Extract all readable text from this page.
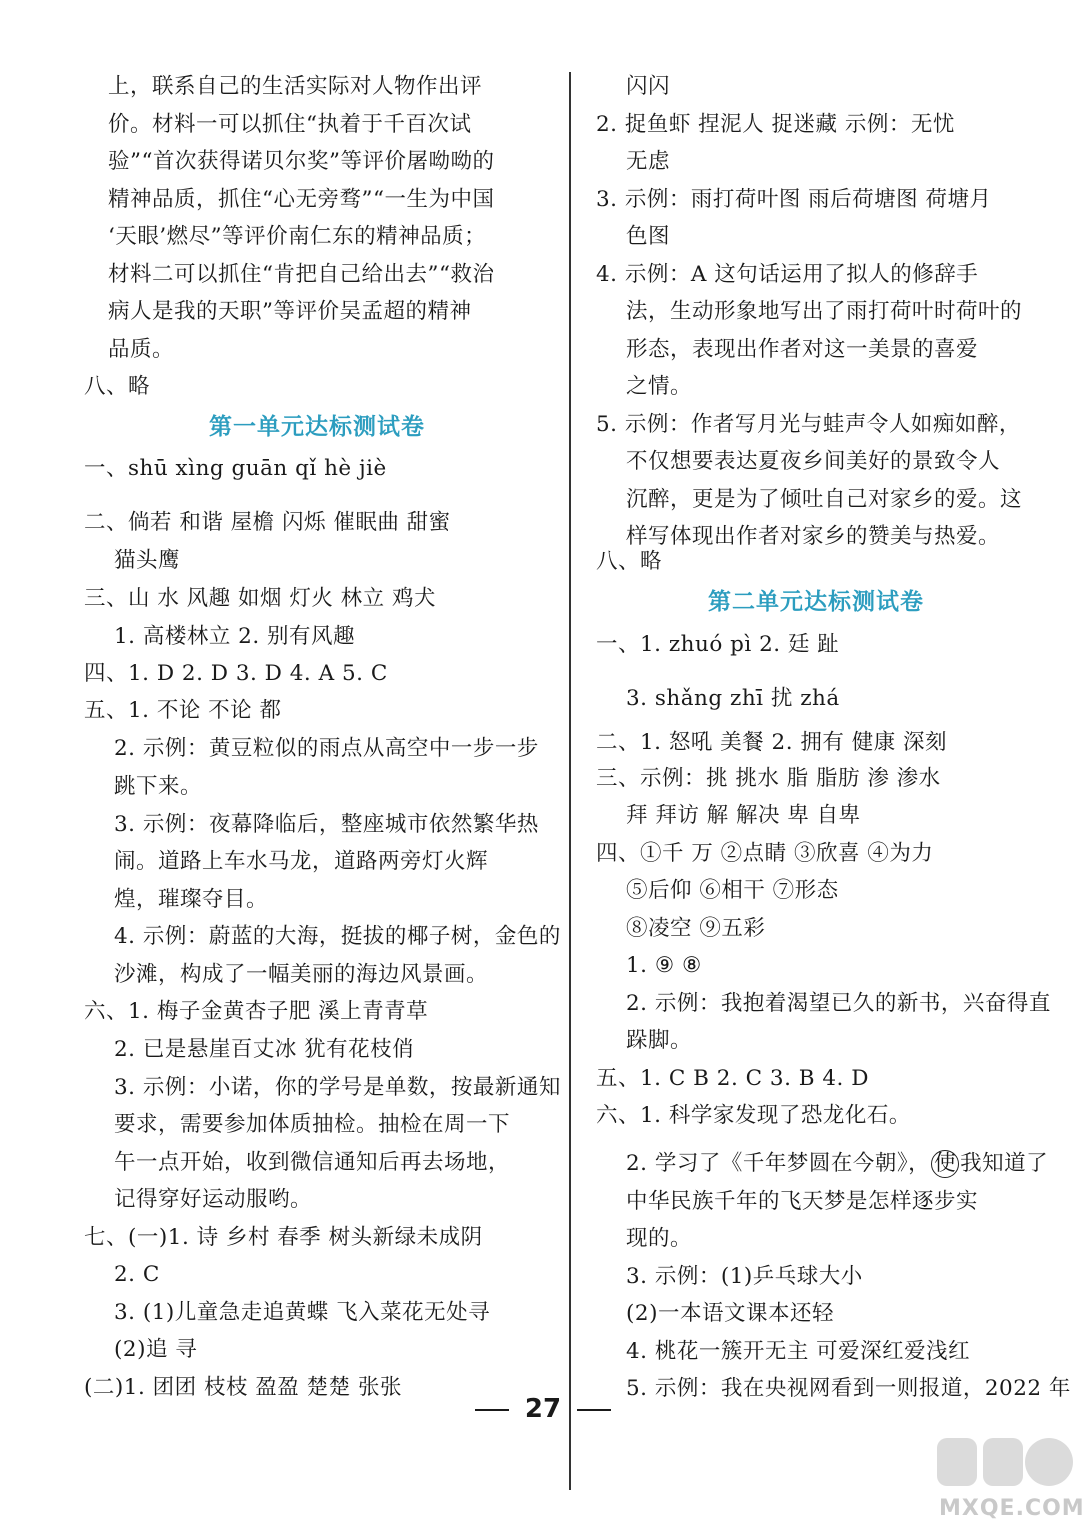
上，联系自己的生活实际对人物作出评
价。材料一可以抓住“执着于千百次试
验”“首次获得诺贝尔奖”等评价屠呦呦的
精神品质，抓住“心无旁骛”“一生为中国
‘天眼’燃尽”等评价南仁东的精神品质；
材料二可以抓住“肯把自己给出去”“救治
病人是我的天职”等评价吴孟超的精神
品质。
八、略
第一单元达标测试卷
一、shū xìng guān qǐ hè jiè
二、倘若 和谐 屋檐 闪烁 催眠曲 甜蜜
猫头鹰
三、山 水 风趣 如烟 灯火 林立 鸡犬
1. 高楼林立 2. 别有风趣
四、1. D 2. D 3. D 4. A 5. C
五、1. 不论 不论 都
2. 示例：黄豆粒似的雨点从高空中一步一步
跳下来。
3. 示例：夜幕降临后，整座城市依然繁华热
闹。道路上车水马龙，道路两旁灯火辉
煌，璀璨夺目。
4. 示例：蔚蓝的大海，挺拔的椰子树，金色的
沙滩，构成了一幅美丽的海边风景画。
六、1. 梅子金黄杏子肥 溪上青青草
2. 已是悬崖百丈冰 犹有花枝俏
3. 示例：小诺，你的学号是单数，按最新通知
要求，需要参加体质抽检。抽检在周一下
午一点开始，收到微信通知后再去场地，
记得穿好运动服哟。
七、(一)1. 诗 乡村 春季 树头新绿未成阴
2. C
3. (1)儿童急走追黄蝶 飞入菜花无处寻
(2)追 寻
(二)1. 团团 枝枝 盈盈 楚楚 张张
闪闪
2. 捉鱼虾 捏泥人 捉迷藏 示例：无忧
无虑
3. 示例：雨打荷叶图 雨后荷塘图 荷塘月
色图
4. 示例：A 这句话运用了拟人的修辞手
法，生动形象地写出了雨打荷叶时荷叶的
形态，表现出作者对这一美景的喜爱
之情。
5. 示例：作者写月光与蛙声令人如痴如醉，
不仅想要表达夏夜乡间美好的景致令人
沉醉，更是为了倾吐自己对家乡的爱。这
样写体现出作者对家乡的赞美与热爱。
八、略
第二单元达标测试卷
一、1. zhuó pì 2. 廷 趾
3. shǎng zhī 扰 zhá
二、1. 怒吼 美餐 2. 拥有 健康 深刻
三、示例：挑 挑水 脂 脂肪 渗 渗水
拜 拜访 解 解决 卑 自卑
四、①千 万 ②点睛 ③欣喜 ④为力
⑤后仰 ⑥相干 ⑦形态
⑧凌空 ⑨五彩
1. ⑨ ⑧
2. 示例：我抱着渴望已久的新书，兴奋得直
跺脚。
五、1. C B 2. C 3. B 4. D
六、1. 科学家发现了恐龙化石。
2. 学习了《千年梦圆在今朝》， 使 我知道了
中华民族千年的飞天梦是怎样逐步实
现的。
3. 示例：(1)乒乓球大小
(2)一本语文课本还轻
4. 桃花一簇开无主 可爱深红爱浅红
5. 示例：我在央视网看到一则报道，2022 年
27
MXQE.COM
